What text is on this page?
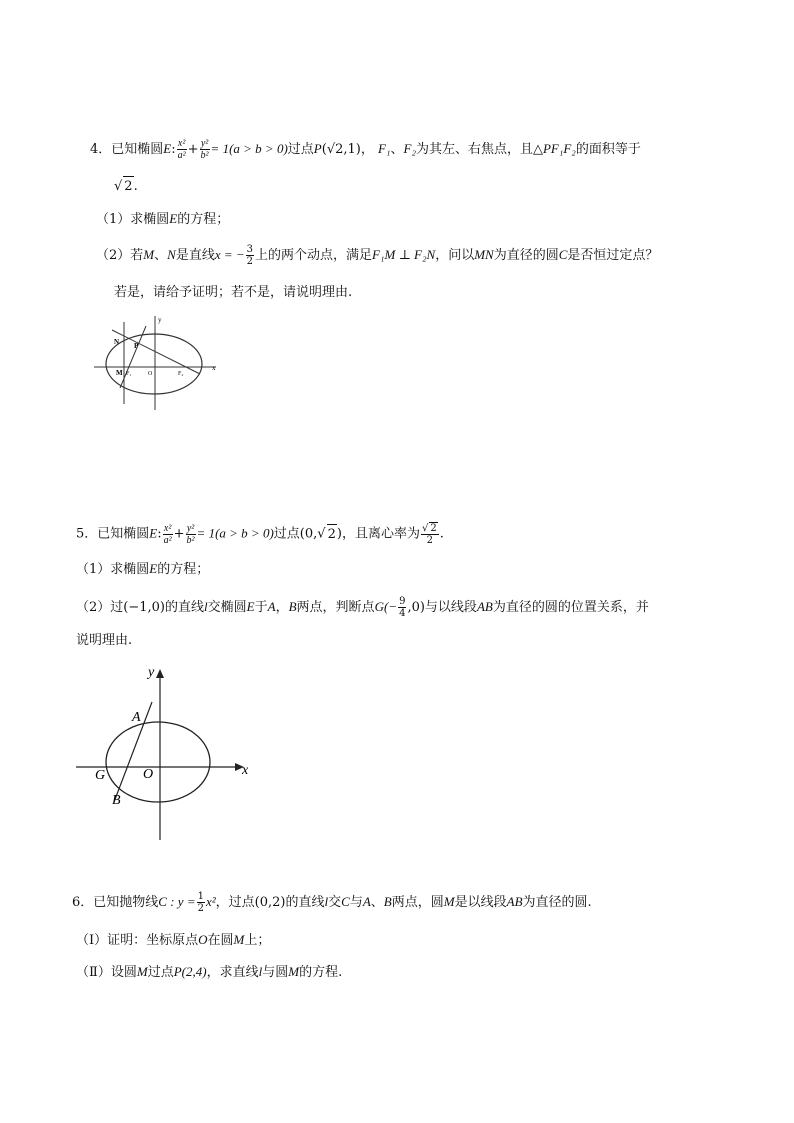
4．已知椭圆E: $\frac{\text{x²}}{\text{a²}} + \frac{\text{y²}}{\text{b²}} = 1(a > b > 0)$过点P(√2,1)， F₁、F₂为其左、右焦点，且△PF₁F₂的面积等于
√ 2.
（1）求椭圆E的方程；
（2）若M、N是直线x = − $\frac{3}{2}$ 上的两个动点，满足F₁M ⊥ F₂N，问以MN为直径的圆C是否恒过定点？
若是，请给予证明；若不是，请说明理由.
y
N P
M F₁	O	F₂
x
5．已知椭圆E: $\frac{\text{x²}}{\text{a²}} + \frac{\text{y²}}{\text{b²}} = 1(a > b > 0)$过点(0,√ 2)，且离心率为 $\frac{√ 2}{2}$ .
（1）求椭圆E的方程；
（2）过(−1,0)的直线l交椭圆E于A，B两点，判断点$G(- \frac{9}{4} ,0)$与以线段AB为直径的圆的位置关系，并
说明理由.
y
A
G	O
B
x
6．已知抛物线C : $y = \frac{1}{2} x^2$，过点(0,2)的直线l交C与A、B两点，圆M是以线段AB为直径的圆.
（Ⅰ）证明：坐标原点O在圆M上；
（Ⅱ）设圆M过点P(2,4)，求直线l与圆M的方程.
